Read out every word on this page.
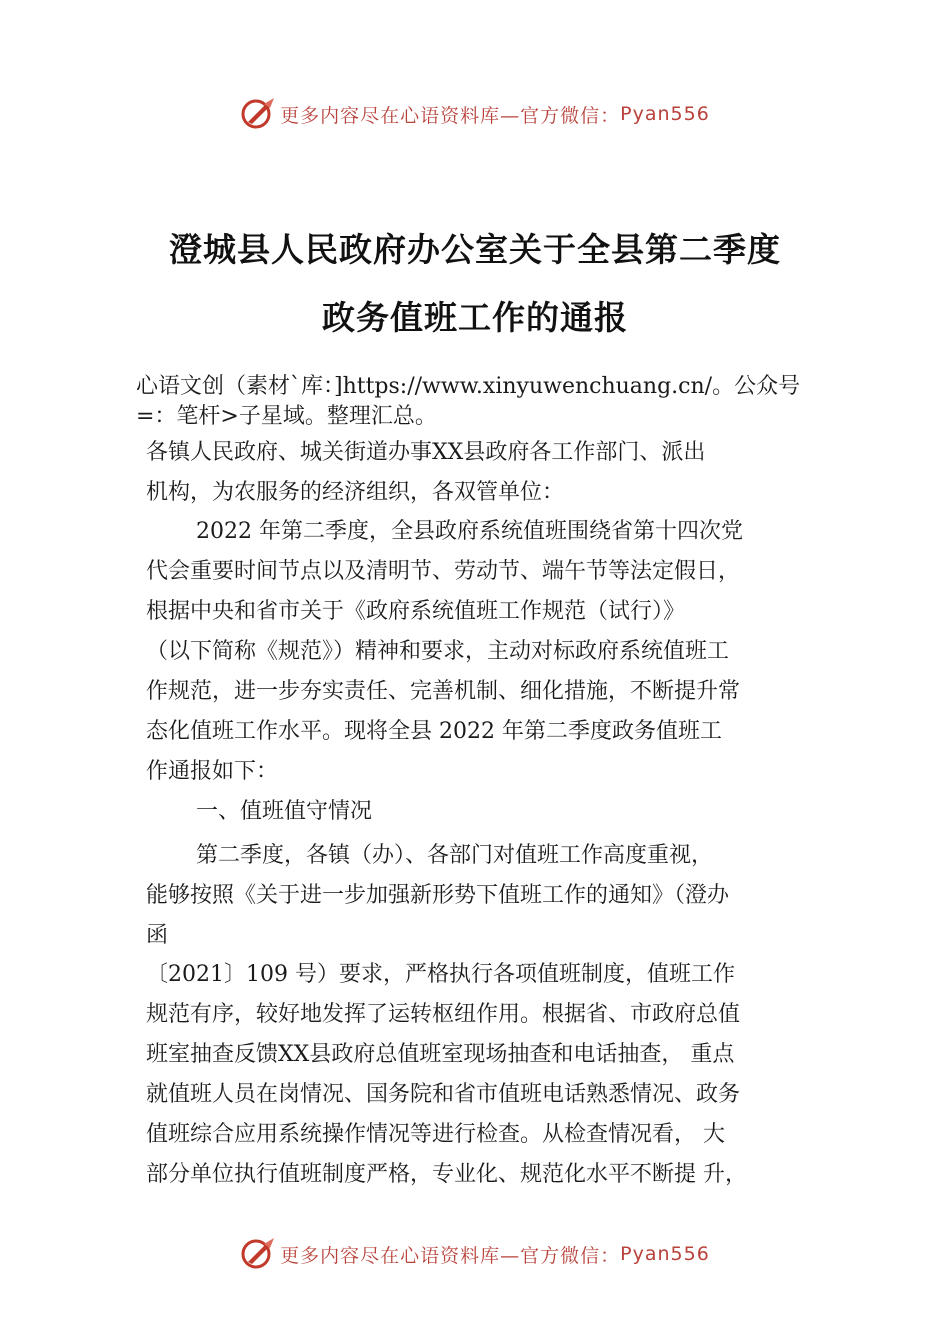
更多内容尽在心语资料库—官方微信： Pyan556
澄城县人民政府办公室关于全县第二季度
政务值班工作的通报
心语文创（素材`库：]https://www.xinyuwenchuang.cn/。公众号=：笔杆>子星域。整理汇总。
各镇人民政府、城关街道办事XX县政府各工作部门、派出
机构，为农服务的经济组织，各双管单位：
2022 年第二季度，全县政府系统值班围绕省第十四次党
代会重要时间节点以及清明节、劳动节、端午节等法定假日，
根据中央和省市关于《政府系统值班工作规范（试行）》
（以下简称《规范》）精神和要求，主动对标政府系统值班工
作规范，进一步夯实责任、完善机制、细化措施，不断提升常
态化值班工作水平。现将全县 2022 年第二季度政务值班工
作通报如下：
一、值班值守情况
第二季度，各镇（办）、各部门对值班工作高度重视，
能够按照《关于进一步加强新形势下值班工作的通知》（澄办
函
〔2021〕109 号）要求，严格执行各项值班制度，值班工作
规范有序，较好地发挥了运转枢纽作用。根据省、市政府总值
班室抽查反馈XX县政府总值班室现场抽查和电话抽查， 重点
就值班人员在岗情况、国务院和省市值班电话熟悉情况、政务
值班综合应用系统操作情况等进行检查。从检查情况看， 大
部分单位执行值班制度严格，专业化、规范化水平不断提 升，
更多内容尽在心语资料库—官方微信： Pyan556
